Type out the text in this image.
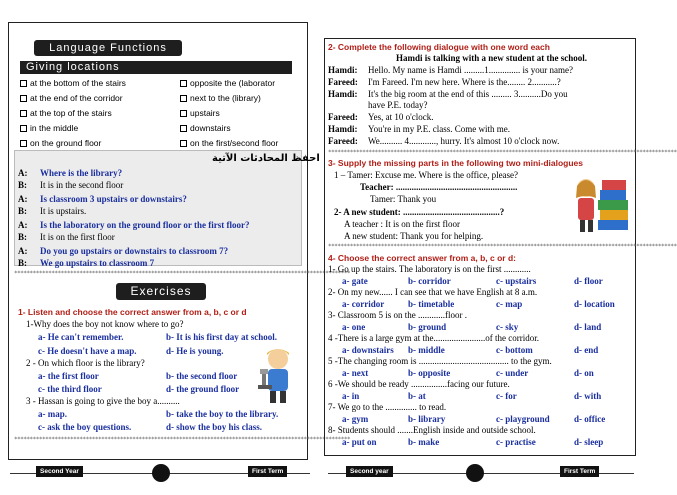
Language Functions
Giving locations
at the bottom of the stairs
at the end of the corridor
at the top of the stairs
in the middle
on the ground floor
opposite the (laborator
next to the (library)
upstairs
downstairs
on the first/second floor
احفظ المحادثات الآتية
A: Where is the library?
B: It is in the second floor
A: Is classroom 3 upstairs or downstairs?
B: It is upstairs.
A: Is the laboratory on the ground floor or the first floor?
B: It is on the first floor
A: Do you go upstairs or downstairs to classroom 7?
B: We go upstairs to classroom 7
************************************************************************************************************
Exercises
1- Listen and choose the correct answer from a, b, c or d
1-Why does the boy not know where to go?
a- He can't remember.	b- It is his first day at school.
c- He doesn't have a map.	d- He is young.
2 - On which floor is the library?
a- the first floor	b- the second floor
c- the third floor	d- the ground floor
3 - Hassan is going to give the boy a..........
a- map.	b- take the boy to the library.
c- ask the boy questions.	d- show the boy his class.
************************************************************************************************************
Second Year	First Term
2- Complete the following dialogue with one word each
Hamdi is talking with a new student at the school.
Hamdi: Hello. My name is Hamdi .........1.............. is your name?
Fareed: I'm Fareed. I'm new here. Where is the........ 2...........?
Hamdi: It's the big room at the end of this ......... 3..........Do you
have P.E. today?
Fareed: Yes, at 10 o'clock.
Hamdi: You're in my P.E. class. Come with me.
Fareed: We.......... 4............, hurry. It's almost 10 o'clock now.
****************************************************************************************************************
3- Supply the missing parts in the following two mini-dialogues
1 – Tamer: Excuse me. Where is the office, please?
Teacher: ......................................................
Tamer: Thank you
2- A new student: ...........................................?
A teacher : It is on the first floor
A new student: Thank you for helping.
****************************************************************************************************************
4- Choose the correct answer from a, b, c or d:
1- Go up the stairs. The laboratory is on the first ............
a- gate	b- corridor	c- upstairs	d- floor
2- On my new...... I can see that we have English at 8 a.m.
a- corridor	b- timetable	c- map	d- location
3- Classroom 5 is on the ............floor .
a- one	b- ground	c- sky	d- land
4 -There is a large gym at the.......................of the corridor.
a- downstairs b- middle	c- bottom	d- end
5 -The changing room is ........................................ to the gym.
a- next	b- opposite	c- under	d- on
6 -We should be ready ................facing our future.
a- in	b- at	c- for	d- with
7- We go to the .............. to read.
a- gym	b- library	c- playground	d- office
8- Students should .......English inside and outside school.
a- put on	b- make	c- practise	d- sleep
Second year	First Term
